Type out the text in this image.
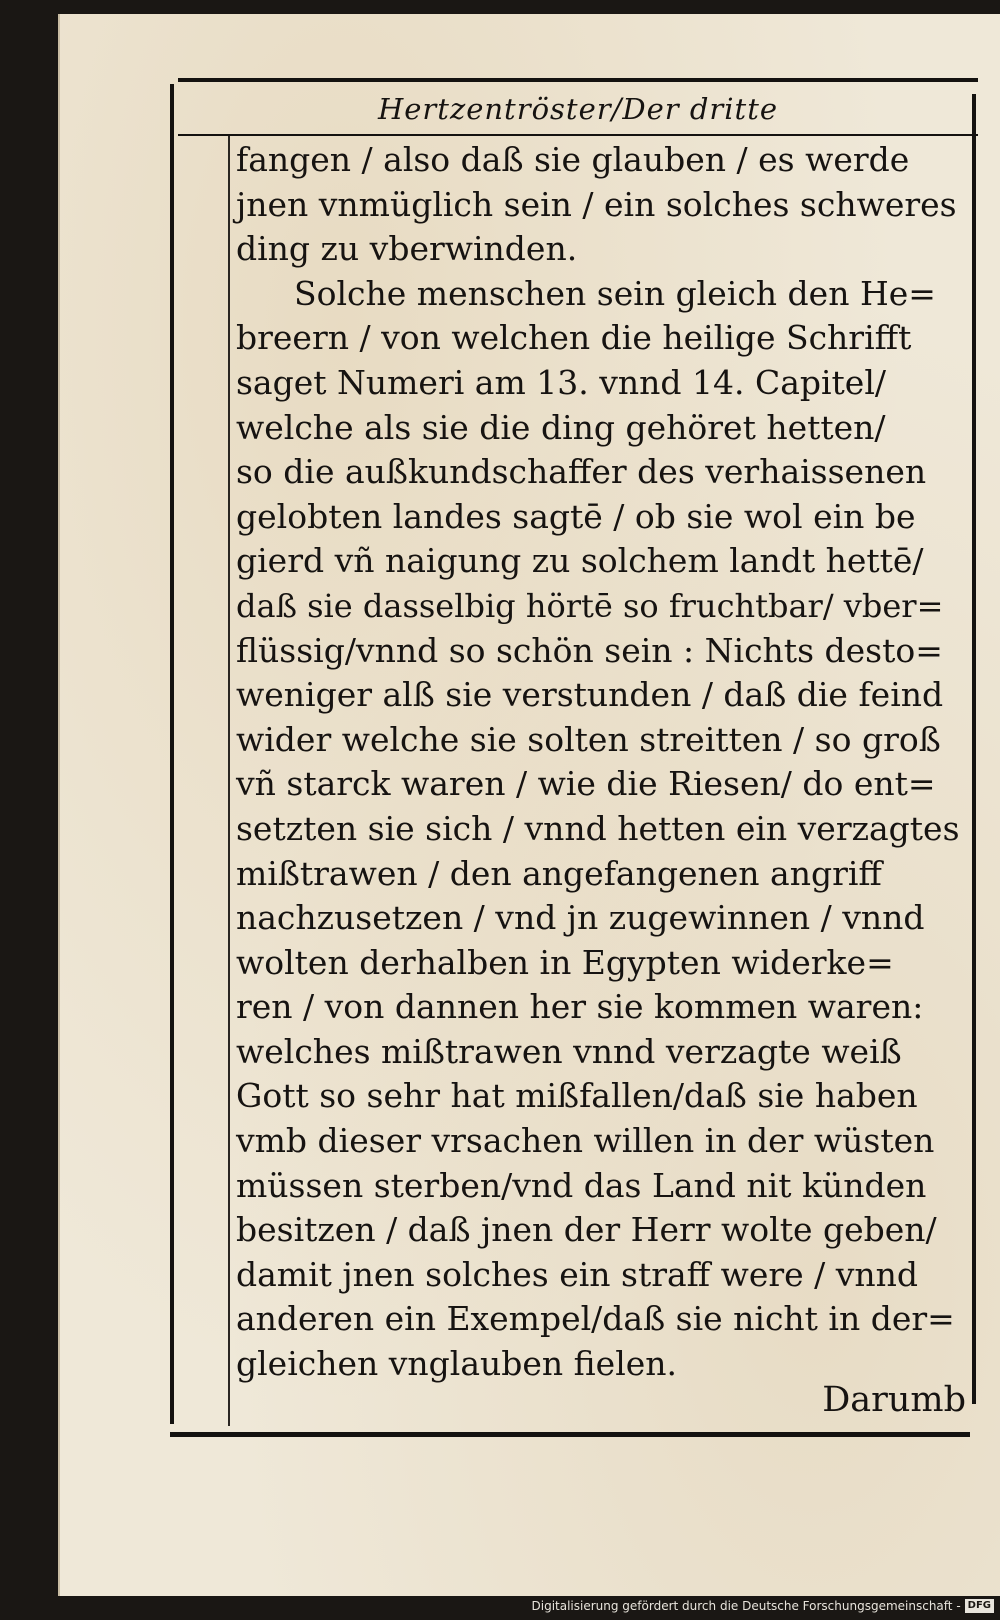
Hertzentröster/Der dritte
fangen / also daß sie glauben / es werde
jnen vnmüglich sein / ein solches schweres
ding zu vberwinden.
Solche menschen sein gleich den He=
breern / von welchen die heilige Schrifft
saget Numeri am 13. vnnd 14. Capitel/
welche als sie die ding gehöret hetten/
so die außkundschaffer des verhaissenen
gelobten landes sagtē / ob sie wol ein be
gierd vñ naigung zu solchem landt hettē/
daß sie dasselbig hörtē so fruchtbar/ vber=
flüssig/vnnd so schön sein : Nichts desto=
weniger alß sie verstunden / daß die feind
wider welche sie solten streitten / so groß
vñ starck waren / wie die Riesen/ do ent=
setzten sie sich / vnnd hetten ein verzagtes
mißtrawen / den angefangenen angriff
nachzusetzen / vnd jn zugewinnen / vnnd
wolten derhalben in Egypten widerke=
ren / von dannen her sie kommen waren:
welches mißtrawen vnnd verzagte weiß
Gott so sehr hat mißfallen/daß sie haben
vmb dieser vrsachen willen in der wüsten
müssen sterben/vnd das Land nit künden
besitzen / daß jnen der Herr wolte geben/
damit jnen solches ein straff were / vnnd
anderen ein Exempel/daß sie nicht in der=
gleichen vnglauben fielen.
Darumb
Digitalisierung gefördert durch die Deutsche Forschungsgemeinschaft - DFG
